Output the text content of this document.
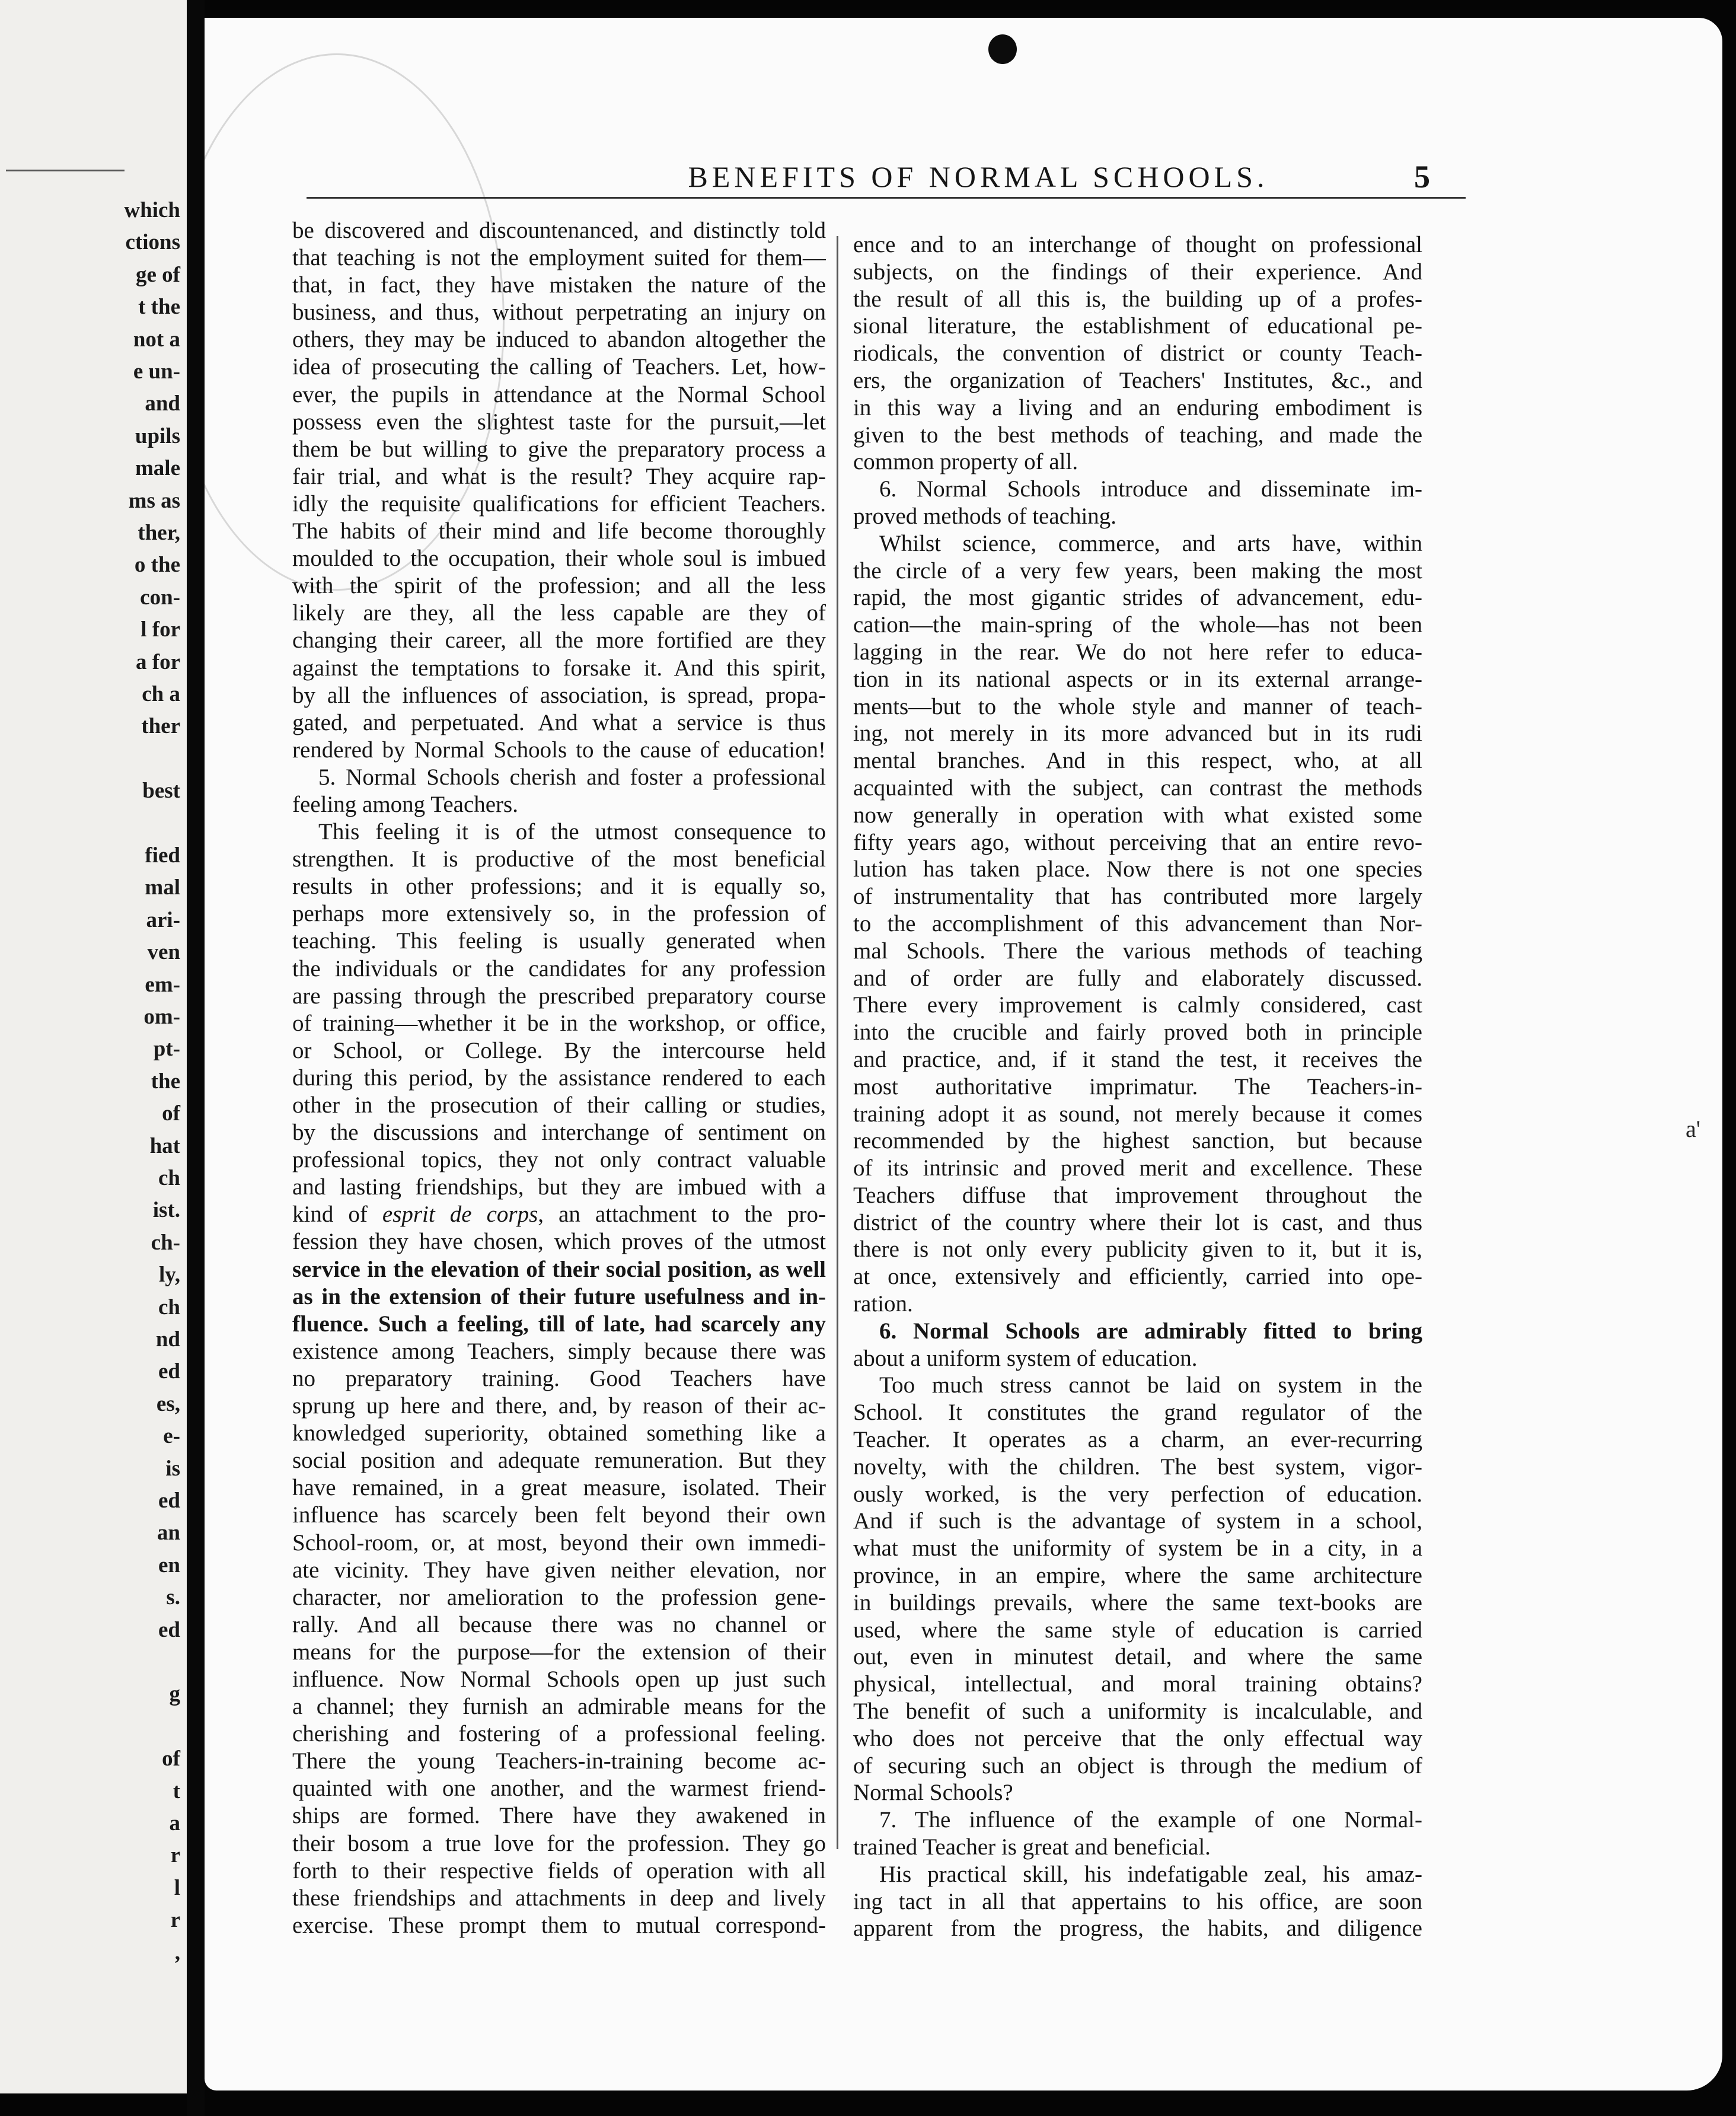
which
ctions
ge of
t the
not a
e un-
and
upils
male
ms as
ther,
o the
con-
l for
a for
ch a
ther
best
fied
mal
ari-
ven
em-
om-
pt-
the
of
hat
ch
ist.
ch-
ly,
ch
nd
ed
es,
e-
is
ed
an
en
s.
ed
g
of
t
a
r
l
r
,
BENEFITS OF NORMAL SCHOOLS.	5
be discovered and discountenanced, and distinctly told
that teaching is not the employment suited for them—
that, in fact, they have mistaken the nature of the
business, and thus, without perpetrating an injury on
others, they may be induced to abandon altogether the
idea of prosecuting the calling of Teachers. Let, how-
ever, the pupils in attendance at the Normal School
possess even the slightest taste for the pursuit,—let
them be but willing to give the preparatory process a
fair trial, and what is the result? They acquire rap-
idly the requisite qualifications for efficient Teachers.
The habits of their mind and life become thoroughly
moulded to the occupation, their whole soul is imbued
with the spirit of the profession; and all the less
likely are they, all the less capable are they of
changing their career, all the more fortified are they
against the temptations to forsake it. And this spirit,
by all the influences of association, is spread, propa-
gated, and perpetuated. And what a service is thus
rendered by Normal Schools to the cause of education!
5. Normal Schools cherish and foster a professional
feeling among Teachers.
This feeling it is of the utmost consequence to
strengthen. It is productive of the most beneficial
results in other professions; and it is equally so,
perhaps more extensively so, in the profession of
teaching. This feeling is usually generated when
the individuals or the candidates for any profession
are passing through the prescribed preparatory course
of training—whether it be in the workshop, or office,
or School, or College. By the intercourse held
during this period, by the assistance rendered to each
other in the prosecution of their calling or studies,
by the discussions and interchange of sentiment on
professional topics, they not only contract valuable
and lasting friendships, but they are imbued with a
kind of esprit de corps, an attachment to the pro-
fession they have chosen, which proves of the utmost
service in the elevation of their social position, as well
as in the extension of their future usefulness and in-
fluence. Such a feeling, till of late, had scarcely any
existence among Teachers, simply because there was
no preparatory training. Good Teachers have
sprung up here and there, and, by reason of their ac-
knowledged superiority, obtained something like a
social position and adequate remuneration. But they
have remained, in a great measure, isolated. Their
influence has scarcely been felt beyond their own
School-room, or, at most, beyond their own immedi-
ate vicinity. They have given neither elevation, nor
character, nor amelioration to the profession gene-
rally. And all because there was no channel or
means for the purpose—for the extension of their
influence. Now Normal Schools open up just such
a channel; they furnish an admirable means for the
cherishing and fostering of a professional feeling.
There the young Teachers-in-training become ac-
quainted with one another, and the warmest friend-
ships are formed. There have they awakened in
their bosom a true love for the profession. They go
forth to their respective fields of operation with all
these friendships and attachments in deep and lively
exercise. These prompt them to mutual correspond-
ence and to an interchange of thought on professional
subjects, on the findings of their experience. And
the result of all this is, the building up of a profes-
sional literature, the establishment of educational pe-
riodicals, the convention of district or county Teach-
ers, the organization of Teachers' Institutes, &c., and
in this way a living and an enduring embodiment is
given to the best methods of teaching, and made the
common property of all.
6. Normal Schools introduce and disseminate im-
proved methods of teaching.
Whilst science, commerce, and arts have, within
the circle of a very few years, been making the most
rapid, the most gigantic strides of advancement, edu-
cation—the main-spring of the whole—has not been
lagging in the rear. We do not here refer to educa-
tion in its national aspects or in its external arrange-
ments—but to the whole style and manner of teach-
ing, not merely in its more advanced but in its rudi
mental branches. And in this respect, who, at all
acquainted with the subject, can contrast the methods
now generally in operation with what existed some
fifty years ago, without perceiving that an entire revo-
lution has taken place. Now there is not one species
of instrumentality that has contributed more largely
to the accomplishment of this advancement than Nor-
mal Schools. There the various methods of teaching
and of order are fully and elaborately discussed.
There every improvement is calmly considered, cast
into the crucible and fairly proved both in principle
and practice, and, if it stand the test, it receives the
most authoritative imprimatur. The Teachers-in-
training adopt it as sound, not merely because it comes
recommended by the highest sanction, but because
of its intrinsic and proved merit and excellence. These
Teachers diffuse that improvement throughout the
district of the country where their lot is cast, and thus
there is not only every publicity given to it, but it is,
at once, extensively and efficiently, carried into ope-
ration.
6. Normal Schools are admirably fitted to bring
about a uniform system of education.
Too much stress cannot be laid on system in the
School. It constitutes the grand regulator of the
Teacher. It operates as a charm, an ever-recurring
novelty, with the children. The best system, vigor-
ously worked, is the very perfection of education.
And if such is the advantage of system in a school,
what must the uniformity of system be in a city, in a
province, in an empire, where the same architecture
in buildings prevails, where the same text-books are
used, where the same style of education is carried
out, even in minutest detail, and where the same
physical, intellectual, and moral training obtains?
The benefit of such a uniformity is incalculable, and
who does not perceive that the only effectual way
of securing such an object is through the medium of
Normal Schools?
7. The influence of the example of one Normal-
trained Teacher is great and beneficial.
His practical skill, his indefatigable zeal, his amaz-
ing tact in all that appertains to his office, are soon
apparent from the progress, the habits, and diligence
a'
